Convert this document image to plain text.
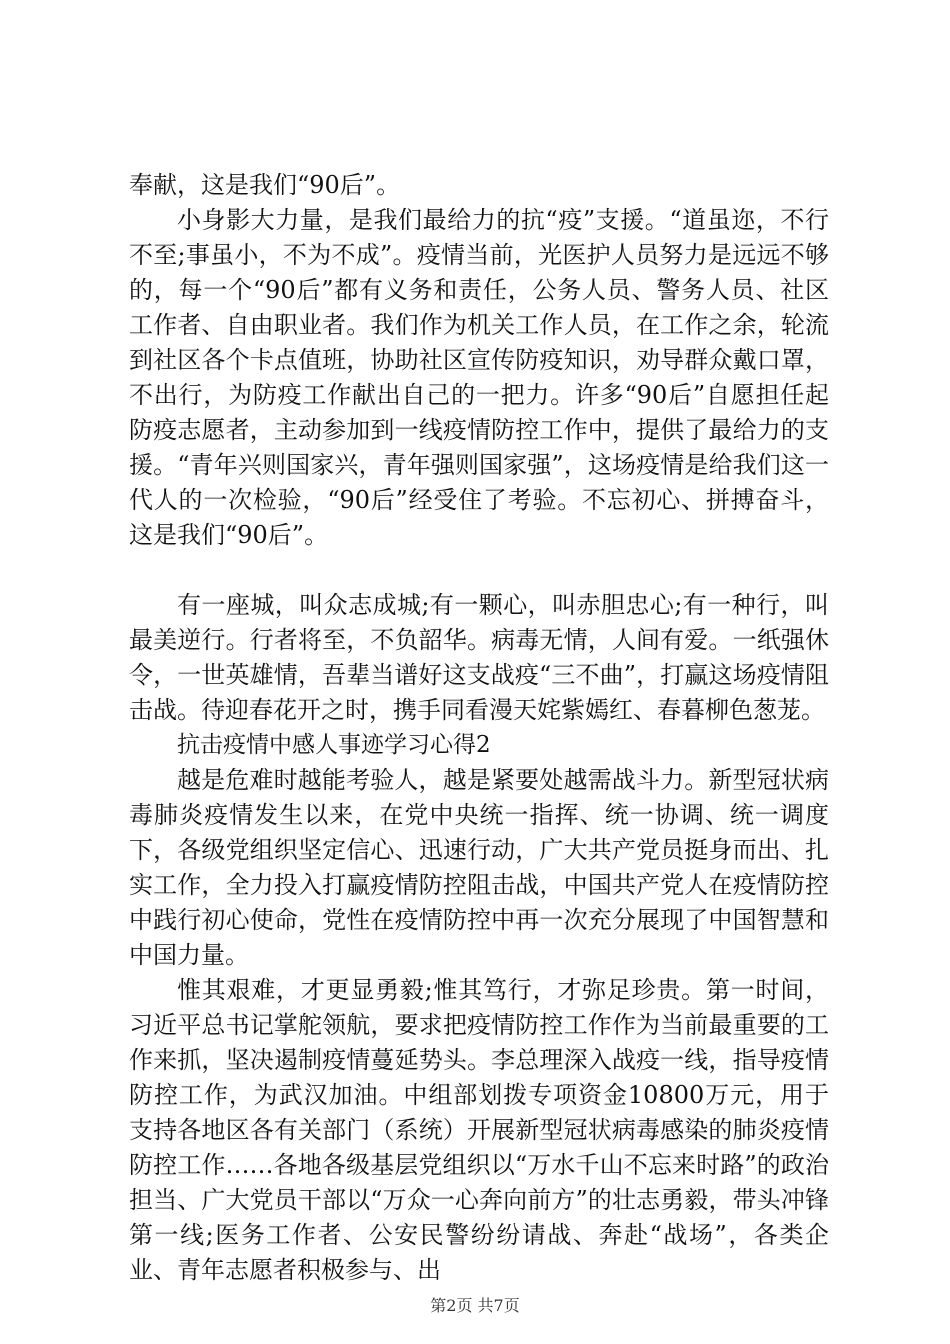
奉献，这是我们“90后”。

小身影大力量，是我们最给力的抗“疫”支援。“道虽迩，不行不至;事虽小，不为不成”。疫情当前，光医护人员努力是远远不够的，每一个“90后”都有义务和责任，公务人员、警务人员、社区工作者、自由职业者。我们作为机关工作人员，在工作之余，轮流到社区各个卡点值班，协助社区宣传防疫知识，劝导群众戴口罩，不出行，为防疫工作献出自己的一把力。许多“90后”自愿担任起防疫志愿者，主动参加到一线疫情防控工作中，提供了最给力的支援。“青年兴则国家兴，青年强则国家强”，这场疫情是给我们这一代人的一次检验，“90后”经受住了考验。不忘初心、拼搏奋斗，这是我们“90后”。

有一座城，叫众志成城;有一颗心，叫赤胆忠心;有一种行，叫最美逆行。行者将至，不负韶华。病毒无情，人间有爱。一纸强休令，一世英雄情，吾辈当谱好这支战疫“三不曲”，打赢这场疫情阻击战。待迎春花开之时，携手同看漫天姹紫嫣红、春暮柳色葱茏。

抗击疫情中感人事迹学习心得2

越是危难时越能考验人，越是紧要处越需战斗力。新型冠状病毒肺炎疫情发生以来，在党中央统一指挥、统一协调、统一调度下，各级党组织坚定信心、迅速行动，广大共产党员挺身而出、扎实工作，全力投入打赢疫情防控阻击战，中国共产党人在疫情防控中践行初心使命，党性在疫情防控中再一次充分展现了中国智慧和中国力量。

惟其艰难，才更显勇毅;惟其笃行，才弥足珍贵。第一时间，习近平总书记掌舵领航，要求把疫情防控工作作为当前最重要的工作来抓，坚决遏制疫情蔓延势头。李总理深入战疫一线，指导疫情防控工作，为武汉加油。中组部划拨专项资金10800万元，用于支持各地区各有关部门（系统）开展新型冠状病毒感染的肺炎疫情防控工作……各地各级基层党组织以“万水千山不忘来时路”的政治担当、广大党员干部以“万众一心奔向前方”的壮志勇毅，带头冲锋第一线;医务工作者、公安民警纷纷请战、奔赴“战场”，各类企业、青年志愿者积极参与、出

第2页 共7页
